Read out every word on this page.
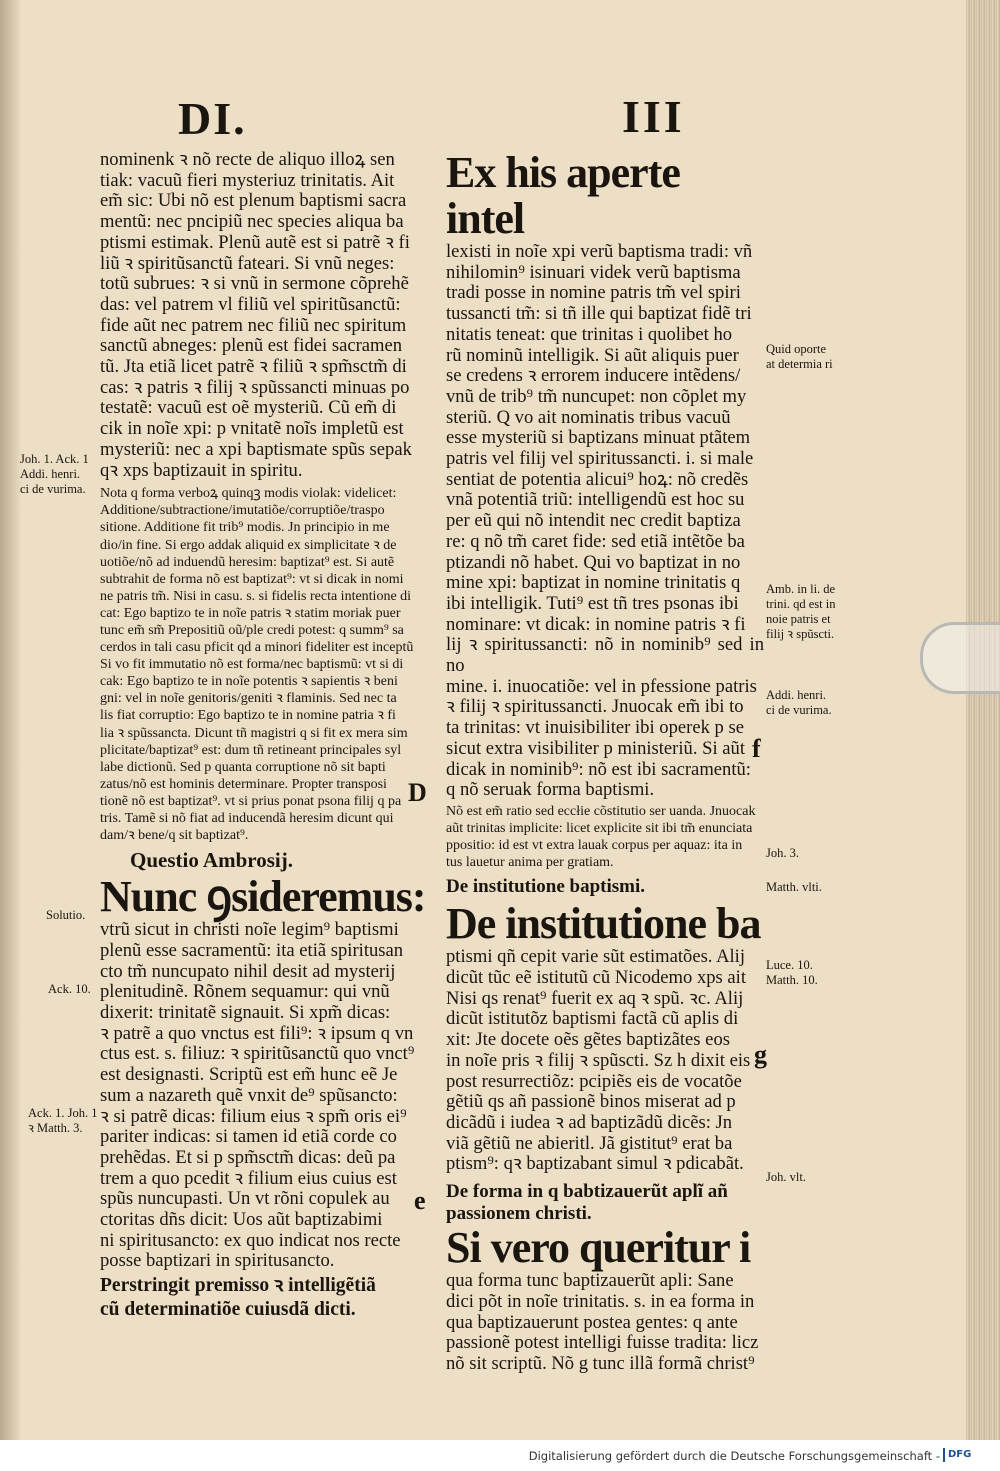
DI.	III

nominenk ꝛ nõ recte de aliquo illoꝝ sen

tiak: vacuũ fieri mysteriuz trinitatis. Ait

em̃ sic: Ubi nõ est plenum baptismi sacra

mentũ: nec pncipiũ nec species aliqua ba

ptismi estimak. Plenũ autẽ est si patrẽ ꝛ fi

liũ ꝛ spiritũsanctũ fateari. Si vnũ neges:

totũ subrues: ꝛ si vnũ in sermone cõprehẽ

das: vel patrem vl filiũ vel spiritũsanctũ:

fide aũt nec patrem nec filiũ nec spiritum

sanctũ abneges: plenũ est fidei sacramen

tũ. Jta etiã licet patrẽ ꝛ filiũ ꝛ spm̃sctm̃ di

cas: ꝛ patris ꝛ filij ꝛ spũssancti minuas po

testatẽ: vacuũ est oẽ mysteriũ. Cũ em̃ di

cik in noĩe xpi: p vnitatẽ noĩs impletũ est

mysteriũ: nec a xpi baptismate spũs sepak

qꝛ xps baptizauit in spiritu.

Nota q forma verboꝝ quinqꝫ modis violak: videlicet:

Additione/subtractione/imutatiõe/corruptiõe/traspo

sitione. Additione fit trib⁹ modis. Jn principio in me

dio/in fine. Si ergo addak aliquid ex simplicitate ꝛ de

uotiõe/nõ ad induendũ heresim: baptizat⁹ est. Si autẽ

subtrahit de forma nõ est baptizat⁹: vt si dicak in nomi

ne patris tm̃. Nisi in casu. s. si fidelis recta intentione di

cat: Ego baptizo te in noĩe patris ꝛ statim moriak puer

tunc em̃ sm̃ Prepositiũ oũ/ple credi potest: q summ⁹ sa

cerdos in tali casu pficit qd a minori fideliter est inceptũ

Si vo fit immutatio nõ est forma/nec baptismũ: vt si di

cak: Ego baptizo te in noĩe potentis ꝛ sapientis ꝛ beni

gni: vel in noĩe genitoris/geniti ꝛ flaminis. Sed nec ta

lis fiat corruptio: Ego baptizo te in nomine patria ꝛ fi

lia ꝛ spũssancta. Dicunt tñ magistri q si fit ex mera sim

plicitate/baptizat⁹ est: dum tñ retineant principales syl

labe dictionũ. Sed p quanta corruptione nõ sit bapti

zatus/nõ est hominis determinare. Propter transposi

tionẽ nõ est baptizat⁹. vt si prius ponat psona filij q pa

tris. Tamẽ si nõ fiat ad inducendã heresim dicunt qui

dam/ꝛ bene/q sit baptizat⁹.

Questio Ambrosij.
Nunc ꝯsideremus:

vtrũ sicut in christi noĩe legim⁹ baptismi

plenũ esse sacramentũ: ita etiã spiritusan

cto tm̃ nuncupato nihil desit ad mysterij

plenitudinẽ. Rõnem sequamur: qui vnũ

dixerit: trinitatẽ signauit. Si xpm̃ dicas:

ꝛ patrẽ a quo vnctus est fili⁹: ꝛ ipsum q vn

ctus est. s. filiuz: ꝛ spiritũsanctũ quo vnct⁹

est designasti. Scriptũ est em̃ hunc eẽ Je

sum a nazareth quẽ vnxit de⁹ spũsancto:

ꝛ si patrẽ dicas: filium eius ꝛ spm̃ oris ei⁹

pariter indicas: si tamen id etiã corde co

prehẽdas. Et si p spm̃sctm̃ dicas: deũ pa

trem a quo pcedit ꝛ filium eius cuius est

spũs nuncupasti. Un vt rõni copulek au

ctoritas dñs dicit: Uos aũt baptizabimi

ni spiritusancto: ex quo indicat nos recte

posse baptizari in spiritusancto.

Perstringit premisso ꝛ intelligẽtiã

cũ determinatiõe cuiusdã dicti.

D
e
Ex his aperte intel

lexisti in noĩe xpi verũ baptisma tradi: vñ

nihilomin⁹ isinuari videk verũ baptisma

tradi posse in nomine patris tm̃ vel spiri

tussancti tm̃: si tñ ille qui baptizat fidẽ tri

nitatis teneat: que trinitas i quolibet ho

rũ nominũ intelligik. Si aũt aliquis puer

se credens ꝛ errorem inducere intẽdens/

vnũ de trib⁹ tm̃ nuncupet: non cõplet my

steriũ. Q vo ait nominatis tribus vacuũ

esse mysteriũ si baptizans minuat ptãtem

patris vel filij vel spiritussancti. i. si male

sentiat de potentia alicui⁹ hoꝝ: nõ credẽs

vnã potentiã triũ: intelligendũ est hoc su

per eũ qui nõ intendit nec credit baptiza

re: q nõ tm̃ caret fide: sed etiã intẽtõe ba

ptizandi nõ habet. Qui vo baptizat in no

mine xpi: baptizat in nomine trinitatis q

ibi intelligik. Tuti⁹ est tñ tres psonas ibi

nominare: vt dicak: in nomine patris ꝛ fi

lij ꝛ spiritussancti: nõ in nominib⁹ sed in no

mine. i. inuocatiõe: vel in pfessione patris

ꝛ filij ꝛ spiritussancti. Jnuocak em̃ ibi to

ta trinitas: vt inuisibiliter ibi operek p se

sicut extra visibiliter p ministeriũ. Si aũt

dicak in nominib⁹: nõ est ibi sacramentũ:

q nõ seruak forma baptismi.

Nõ est em̃ ratio sed eccłie cõstitutio ser uanda. Jnuocak

aũt trinitas implicite: licet explicite sit ibi tm̃ enunciata

ppositio: id est vt extra lauak corpus per aquaz: ita in

tus lauetur anima per gratiam.

De institutione baptismi.
De institutione ba

ptismi qñ cepit varie sũt estimatões. Alij

dicũt tũc eẽ istitutũ cũ Nicodemo xps ait

Nisi qs renat⁹ fuerit ex aq ꝛ spũ. ꝛc. Alij

dicũt istitutõz baptismi factã cũ aplis di

xit: Jte docete oẽs gẽtes baptizãtes eos

in noĩe pris ꝛ filij ꝛ spũscti. Sz h dixit eis

post resurrectiõz: pcipiẽs eis de vocatõe

gẽtiũ qs añ passionẽ binos miserat ad p

dicãdũ i iudea ꝛ ad baptizãdũ dicẽs: Jn

viã gẽtiũ ne abieritl. Jã gistitut⁹ erat ba

ptism⁹: qꝛ baptizabant simul ꝛ pdicabãt.

De forma in q babtizauerũt aplĩ añ passionem christi.
Si vero queritur i

qua forma tunc baptizauerũt apli: Sane

dici põt in noĩe trinitatis. s. in ea forma in

qua baptizauerunt postea gentes: q ante

passionẽ potest intelligi fuisse tradita: licz

nõ sit scriptũ. Nõ g tunc illã formã christ⁹

f
g
Joh. 1. Ack. 1
Addi. henri.
ci de vurima.
Solutio.
Ack. 10.
Ack. 1. Joh. 1
ꝛ Matth. 3.
Quid oporte
at determia ri
Amb. in li. de
trini. qd est in
noie patris et
filij ꝛ spũscti.
Addi. henri.
ci de vurima.
Joh. 3.
Matth. vlti.
Luce. 10.
Matth. 10.
Joh. vlt.
Digitalisierung gefördert durch die Deutsche Forschungsgemeinschaft - DFG
